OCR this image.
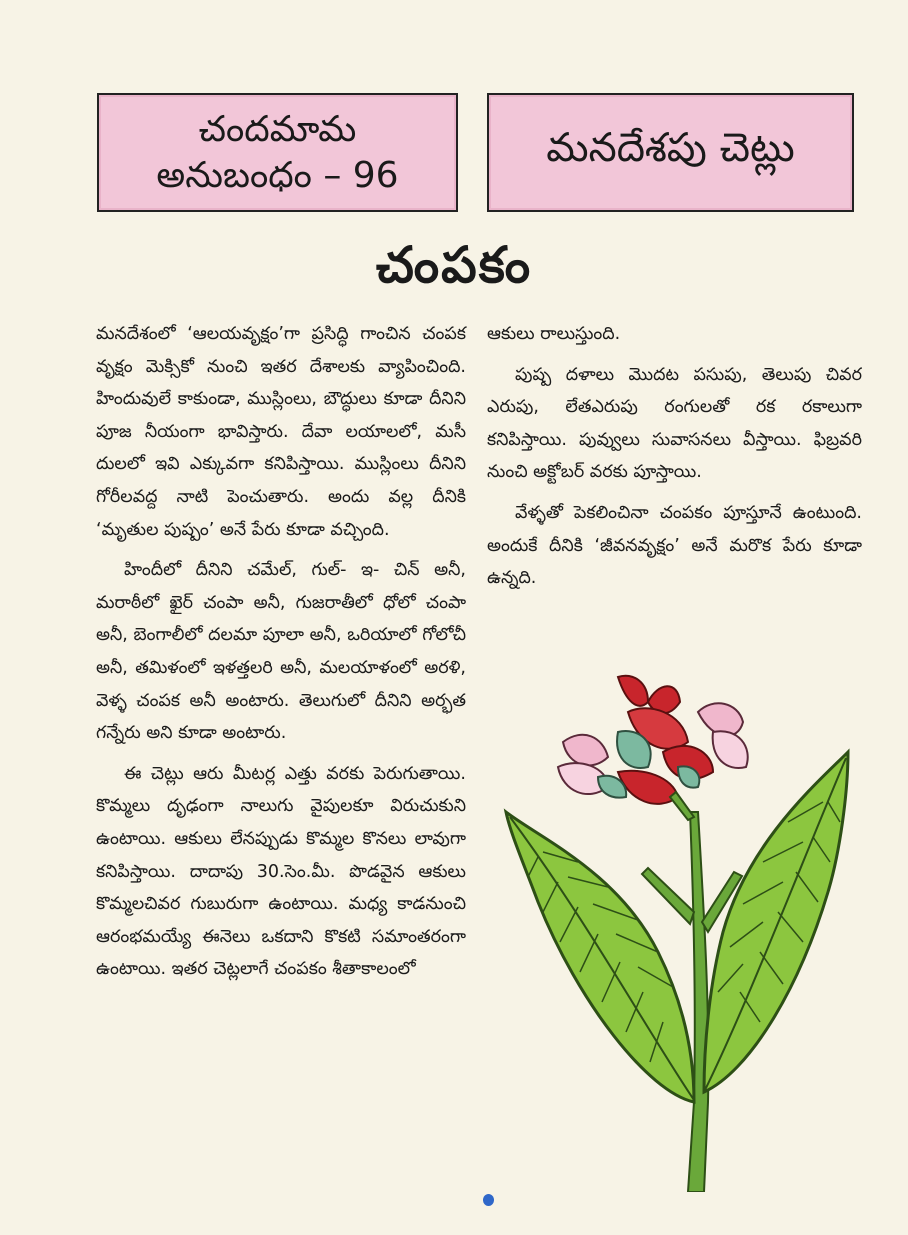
చందమామ
అనుబంధం – 96
మనదేశపు చెట్లు
చంపకం

మనదేశంలో ‘ఆలయవృక్షం’గా ప్రసిద్ధి గాంచిన చంపక వృక్షం మెక్సికో నుంచి ఇతర దేశాలకు వ్యాపించింది. హిందువులే కాకుండా, ముస్లింలు, బౌద్ధులు కూడా దీనిని పూజ నీయంగా భావిస్తారు. దేవా లయాలలో, మసీ దులలో ఇవి ఎక్కువగా కనిపిస్తాయి. ముస్లింలు దీనిని గోరీలవద్ద నాటి పెంచుతారు. అందు వల్ల దీనికి ‘మృతుల పుష్పం’ అనే పేరు కూడా వచ్చింది.

హిందీలో దీనిని చమేల్, గుల్- ఇ- చిన్ అనీ, మరాఠీలో ఖైర్ చంపా అనీ, గుజరాతీలో ధోలో చంపా అనీ, బెంగాలీలో దలమా పూలా అనీ, ఒరియాలో గోలోచీ అనీ, తమిళంలో ఇళత్తలరి అనీ, మలయాళంలో అరళి, వెళ్ళ చంపక అనీ అంటారు. తెలుగులో దీనిని అర్భత గన్నేరు అని కూడా అంటారు.

ఈ చెట్లు ఆరు మీటర్ల ఎత్తు వరకు పెరుగుతాయి. కొమ్మలు దృఢంగా నాలుగు వైపులకూ విరుచుకుని ఉంటాయి. ఆకులు లేనప్పుడు కొమ్మల కొనలు లావుగా కనిపిస్తాయి. దాదాపు 30.సెం.మీ. పొడవైన ఆకులు కొమ్మలచివర గుబురుగా ఉంటాయి. మధ్య కాడనుంచి ఆరంభమయ్యే ఈనెలు ఒకదాని కొకటి సమాంతరంగా ఉంటాయి. ఇతర చెట్లలాగే చంపకం శీతాకాలంలో

ఆకులు రాలుస్తుంది.

పుష్ప దళాలు మొదట పసుపు, తెలుపు చివర ఎరుపు, లేతఎరుపు రంగులతో రక రకాలుగా కనిపిస్తాయి. పువ్వులు సువాసనలు వీస్తాయి. ఫిబ్రవరి నుంచి అక్టోబర్ వరకు పూస్తాయి.

వేళ్ళతో పెకలించినా చంపకం పూస్తూనే ఉంటుంది. అందుకే దీనికి ‘జీవనవృక్షం’ అనే మరొక పేరు కూడా ఉన్నది.
